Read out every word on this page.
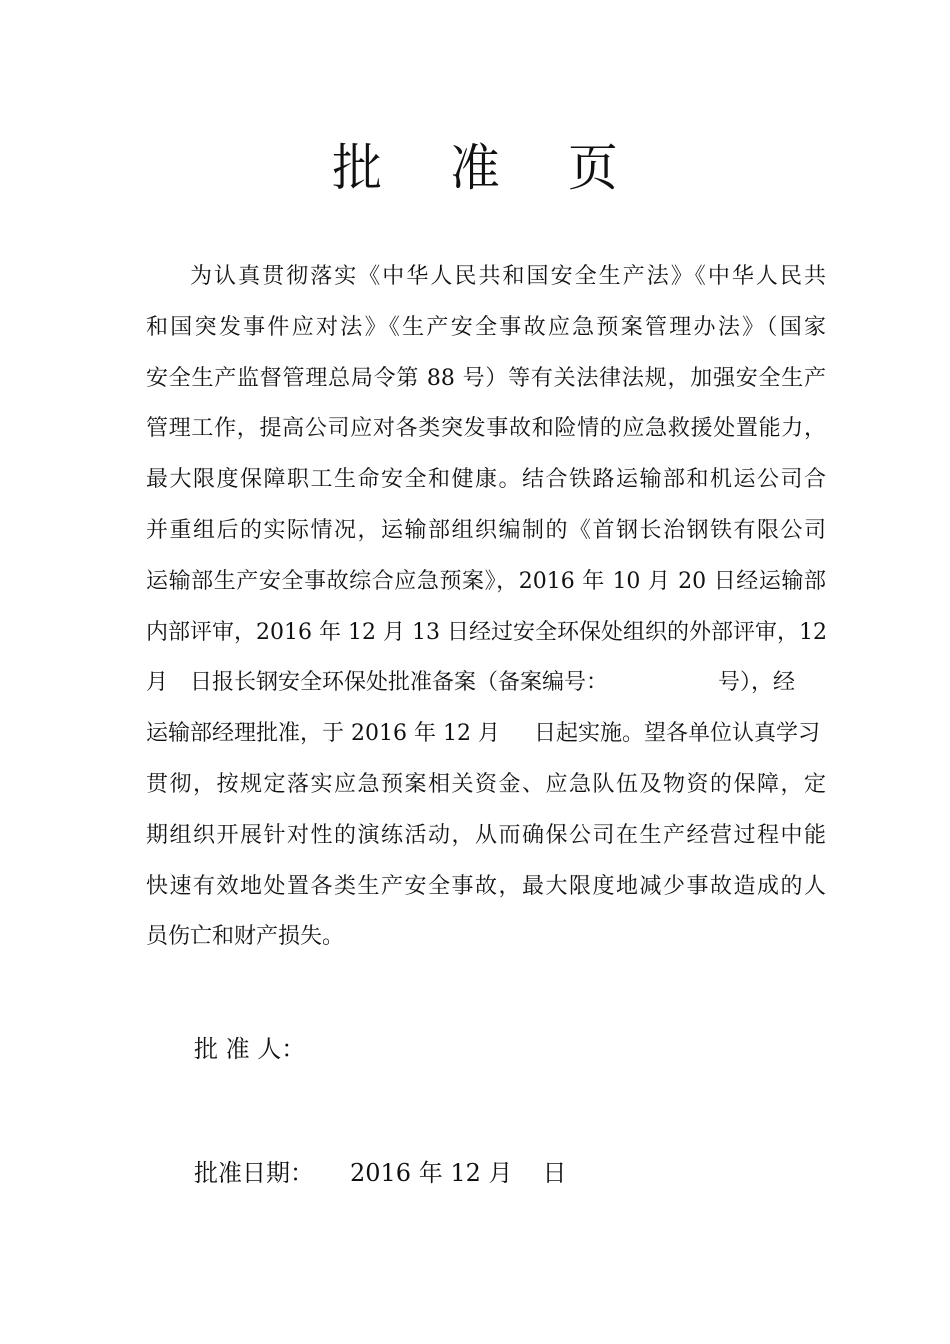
批 准 页
为认真贯彻落实《中华人民共和国安全生产法》《中华人民共
和国突发事件应对法》《生产安全事故应急预案管理办法》（国家
安全生产监督管理总局令第 88 号）等有关法律法规，加强安全生产
管理工作，提高公司应对各类突发事故和险情的应急救援处置能力，
最大限度保障职工生命安全和健康。结合铁路运输部和机运公司合
并重组后的实际情况，运输部组织编制的《首钢长治钢铁有限公司
运输部生产安全事故综合应急预案》，2016 年 10 月 20 日经运输部
内部评审，2016 年 12 月 13 日经过安全环保处组织的外部评审，12
月 日报长钢安全环保处批准备案（备案编号：	号），经
运输部经理批准，于 2016 年 12 月 日起实施。望各单位认真学习
贯彻，按规定落实应急预案相关资金、应急队伍及物资的保障，定
期组织开展针对性的演练活动，从而确保公司在生产经营过程中能
快速有效地处置各类生产安全事故，最大限度地减少事故造成的人
员伤亡和财产损失。
批 准 人：
批准日期： 2016 年 12 月 日
